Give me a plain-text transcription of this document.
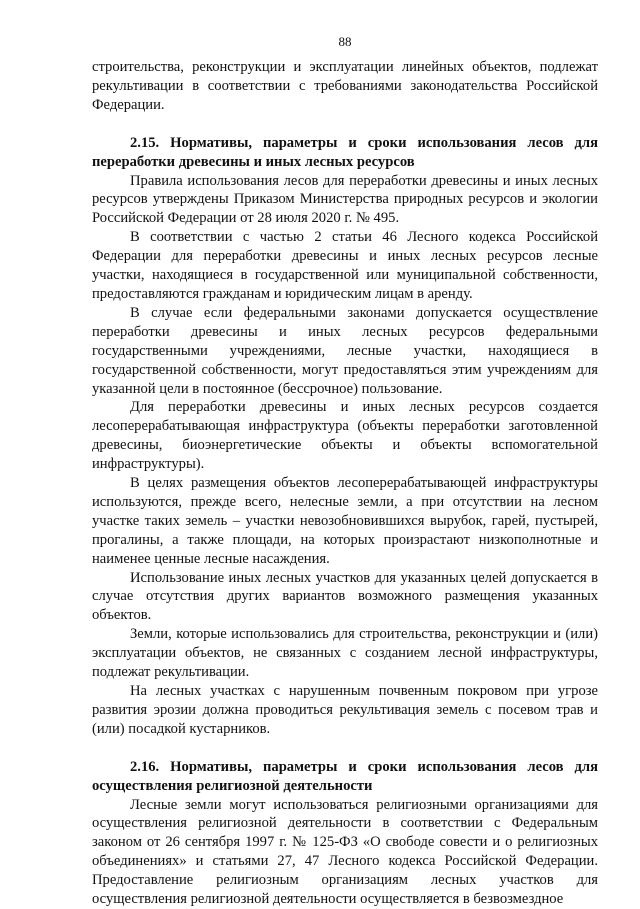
88

строительства, реконструкции и эксплуатации линейных объектов, подлежат рекультивации в соответствии с требованиями законодательства Российской Федерации.

2.15. Нормативы, параметры и сроки использования лесов для переработки древесины и иных лесных ресурсов

Правила использования лесов для переработки древесины и иных лесных ресурсов утверждены Приказом Министерства природных ресурсов и экологии Российской Федерации от 28 июля 2020 г. № 495.

В соответствии с частью 2 статьи 46 Лесного кодекса Российской Федерации для переработки древесины и иных лесных ресурсов лесные участки, находящиеся в государственной или муниципальной собственности, предоставляются гражданам и юридическим лицам в аренду.

В случае если федеральными законами допускается осуществление переработки древесины и иных лесных ресурсов федеральными государственными учреждениями, лесные участки, находящиеся в государственной собственности, могут предоставляться этим учреждениям для указанной цели в постоянное (бессрочное) пользование.

Для переработки древесины и иных лесных ресурсов создается лесоперерабатывающая инфраструктура (объекты переработки заготовленной древесины, биоэнергетические объекты и объекты вспомогательной инфраструктуры).

В целях размещения объектов лесоперерабатывающей инфраструктуры используются, прежде всего, нелесные земли, а при отсутствии на лесном участке таких земель – участки невозобновившихся вырубок, гарей, пустырей, прогалины, а также площади, на которых произрастают низкополнотные и наименее ценные лесные насаждения.

Использование иных лесных участков для указанных целей допускается в случае отсутствия других вариантов возможного размещения указанных объектов.

Земли, которые использовались для строительства, реконструкции и (или) эксплуатации объектов, не связанных с созданием лесной инфраструктуры, подлежат рекультивации.

На лесных участках с нарушенным почвенным покровом при угрозе развития эрозии должна проводиться рекультивация земель с посевом трав и (или) посадкой кустарников.

2.16. Нормативы, параметры и сроки использования лесов для осуществления религиозной деятельности

Лесные земли могут использоваться религиозными организациями для осуществления религиозной деятельности в соответствии с Федеральным законом от 26 сентября 1997 г. № 125-ФЗ «О свободе совести и о религиозных объединениях» и статьями 27, 47 Лесного кодекса Российской Федерации. Предоставление религиозным организациям лесных участков для осуществления религиозной деятельности осуществляется в безвозмездное
